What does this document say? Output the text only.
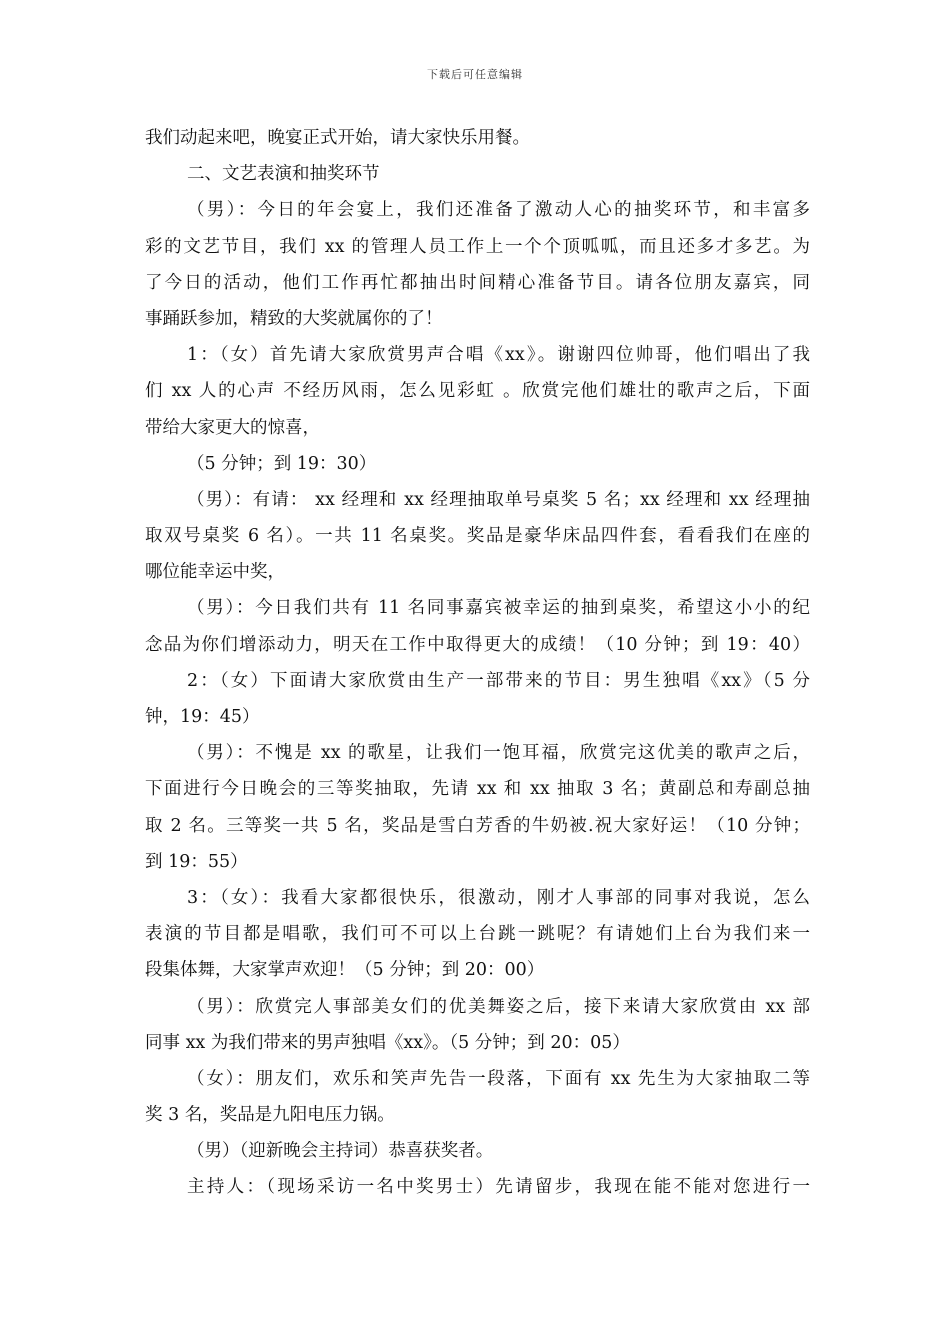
下载后可任意编辑
我们动起来吧，晚宴正式开始，请大家快乐用餐。
二、文艺表演和抽奖环节
（男）：今日的年会宴上，我们还准备了激动人心的抽奖环节，和丰富多
彩的文艺节目，我们 xx 的管理人员工作上一个个顶呱呱，而且还多才多艺。为
了今日的活动，他们工作再忙都抽出时间精心准备节目。请各位朋友嘉宾，同
事踊跃参加，精致的大奖就属你的了！
1：（女）首先请大家欣赏男声合唱《xx》。谢谢四位帅哥，他们唱出了我
们 xx 人的心声 不经历风雨，怎么见彩虹 。欣赏完他们雄壮的歌声之后，下面
带给大家更大的惊喜，
（5 分钟；到 19：30）
（男）：有请： xx 经理和 xx 经理抽取单号桌奖 5 名；xx 经理和 xx 经理抽
取双号桌奖 6 名）。一共 11 名桌奖。奖品是豪华床品四件套，看看我们在座的
哪位能幸运中奖，
（男）：今日我们共有 11 名同事嘉宾被幸运的抽到桌奖，希望这小小的纪
念品为你们增添动力，明天在工作中取得更大的成绩！（10 分钟；到 19：40）
2：（女）下面请大家欣赏由生产一部带来的节目：男生独唱《xx》（5 分
钟，19：45）
（男）：不愧是 xx 的歌星，让我们一饱耳福，欣赏完这优美的歌声之后，
下面进行今日晚会的三等奖抽取，先请 xx 和 xx 抽取 3 名；黄副总和寿副总抽
取 2 名。三等奖一共 5 名，奖品是雪白芳香的牛奶被.祝大家好运！（10 分钟；
到 19：55）
3：（女）：我看大家都很快乐，很激动，刚才人事部的同事对我说，怎么
表演的节目都是唱歌，我们可不可以上台跳一跳呢？有请她们上台为我们来一
段集体舞，大家掌声欢迎！（5 分钟；到 20：00）
（男）：欣赏完人事部美女们的优美舞姿之后，接下来请大家欣赏由 xx 部
同事 xx 为我们带来的男声独唱《xx》。（5 分钟；到 20：05）
（女）：朋友们，欢乐和笑声先告一段落，下面有 xx 先生为大家抽取二等
奖 3 名，奖品是九阳电压力锅。
（男）（迎新晚会主持词）恭喜获奖者。
主持人：（现场采访一名中奖男士）先请留步，我现在能不能对您进行一
